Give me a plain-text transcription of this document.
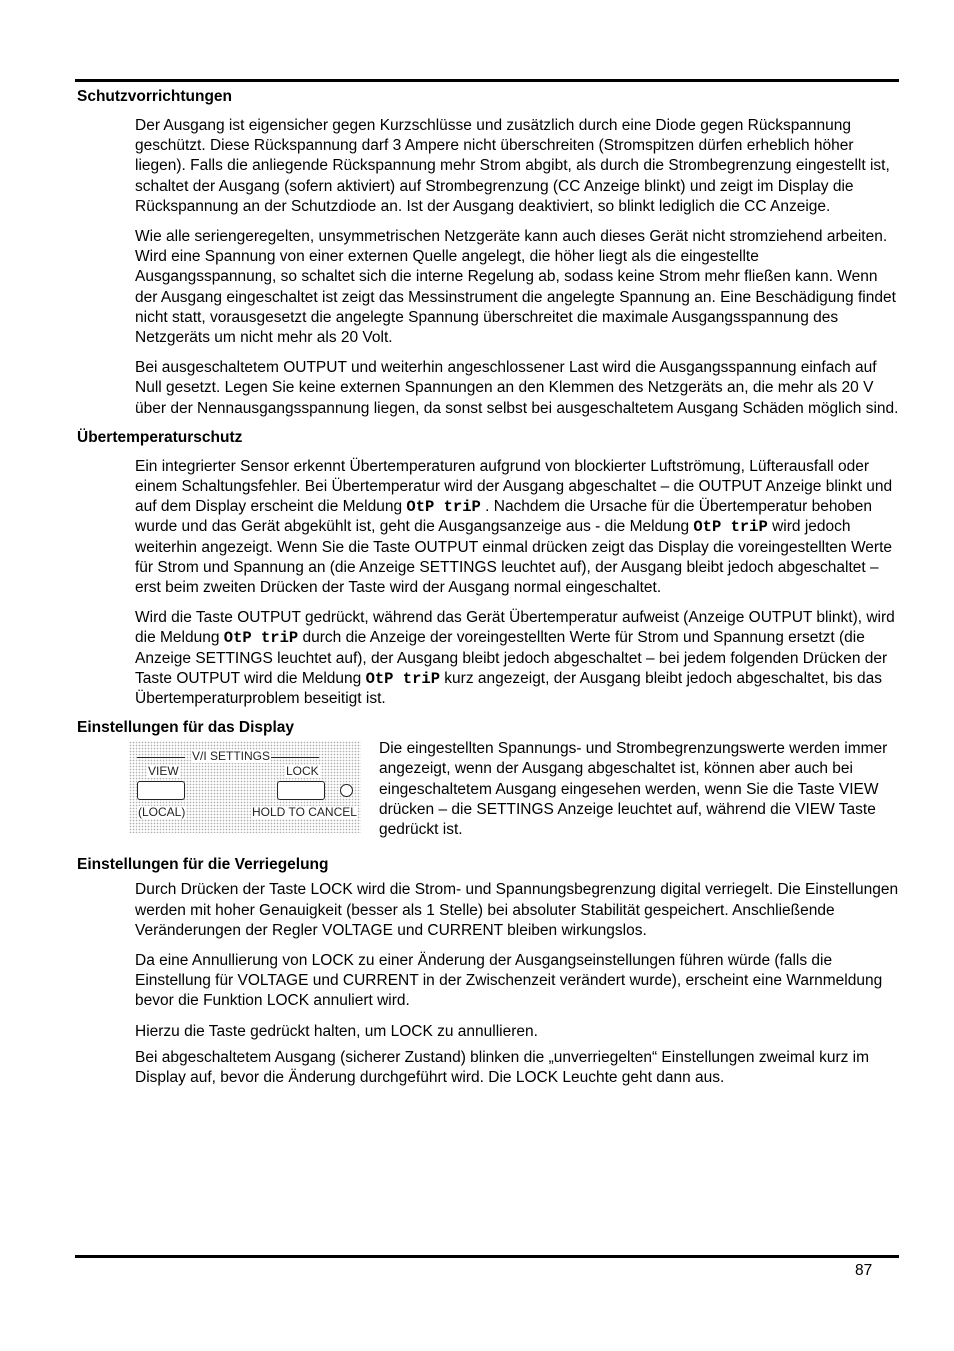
Schutzvorrichtungen

Der Ausgang ist eigensicher gegen Kurzschlüsse und zusätzlich durch eine Diode gegen Rückspannung geschützt. Diese Rückspannung darf 3 Ampere nicht überschreiten (Stromspitzen dürfen erheblich höher liegen). Falls die anliegende Rückspannung mehr Strom abgibt, als durch die Strombegrenzung eingestellt ist, schaltet der Ausgang (sofern aktiviert) auf Strombegrenzung (CC Anzeige blinkt) und zeigt im Display die Rückspannung an der Schutzdiode an. Ist der Ausgang deaktiviert, so blinkt lediglich die CC Anzeige.

Wie alle seriengeregelten, unsymmetrischen Netzgeräte kann auch dieses Gerät nicht stromziehend arbeiten. Wird eine Spannung von einer externen Quelle angelegt, die höher liegt als die eingestellte Ausgangsspannung, so schaltet sich die interne Regelung ab, sodass keine Strom mehr fließen kann. Wenn der Ausgang eingeschaltet ist zeigt das Messinstrument die angelegte Spannung an. Eine Beschädigung findet nicht statt, vorausgesetzt die angelegte Spannung überschreitet die maximale Ausgangsspannung des Netzgeräts um nicht mehr als 20 Volt.

Bei ausgeschaltetem OUTPUT und weiterhin angeschlossener Last wird die Ausgangsspannung einfach auf Null gesetzt. Legen Sie keine externen Spannungen an den Klemmen des Netzgeräts an, die mehr als 20 V über der Nennausgangsspannung liegen, da sonst selbst bei ausgeschaltetem Ausgang Schäden möglich sind.

Übertemperaturschutz

Ein integrierter Sensor erkennt Übertemperaturen aufgrund von blockierter Luftströmung, Lüfterausfall oder einem Schaltungsfehler. Bei Übertemperatur wird der Ausgang abgeschaltet – die OUTPUT Anzeige blinkt und auf dem Display erscheint die Meldung OtP triP . Nachdem die Ursache für die Übertemperatur behoben wurde und das Gerät abgekühlt ist, geht die Ausgangsanzeige aus - die Meldung OtP triP wird jedoch weiterhin angezeigt. Wenn Sie die Taste OUTPUT einmal drücken zeigt das Display die voreingestellten Werte für Strom und Spannung an (die Anzeige SETTINGS leuchtet auf), der Ausgang bleibt jedoch abgeschaltet – erst beim zweiten Drücken der Taste wird der Ausgang normal eingeschaltet.

Wird die Taste OUTPUT gedrückt, während das Gerät Übertemperatur aufweist (Anzeige OUTPUT blinkt), wird die Meldung OtP triP durch die Anzeige der voreingestellten Werte für Strom und Spannung ersetzt (die Anzeige SETTINGS leuchtet auf), der Ausgang bleibt jedoch abgeschaltet – bei jedem folgenden Drücken der Taste OUTPUT wird die Meldung OtP triP kurz angezeigt, der Ausgang bleibt jedoch abgeschaltet, bis das Übertemperaturproblem beseitigt ist.

Einstellungen für das Display
V/I SETTINGS
VIEW	LOCK
(LOCAL)	HOLD TO CANCEL

Die eingestellten Spannungs- und Strombegrenzungswerte werden immer angezeigt, wenn der Ausgang abgeschaltet ist, können aber auch bei eingeschaltetem Ausgang eingesehen werden, wenn Sie die Taste VIEW drücken – die SETTINGS Anzeige leuchtet auf, während die VIEW Taste gedrückt ist.

Einstellungen für die Verriegelung

Durch Drücken der Taste LOCK wird die Strom- und Spannungsbegrenzung digital verriegelt. Die Einstellungen werden mit hoher Genauigkeit (besser als 1 Stelle) bei absoluter Stabilität gespeichert. Anschließende Veränderungen der Regler VOLTAGE und CURRENT bleiben wirkungslos.

Da eine Annullierung von LOCK zu einer Änderung der Ausgangseinstellungen führen würde (falls die Einstellung für VOLTAGE und CURRENT in der Zwischenzeit verändert wurde), erscheint eine Warnmeldung bevor die Funktion LOCK annuliert wird.

Hierzu die Taste gedrückt halten, um LOCK zu annullieren.

Bei abgeschaltetem Ausgang (sicherer Zustand) blinken die „unverriegelten“ Einstellungen zweimal kurz im Display auf, bevor die Änderung durchgeführt wird. Die LOCK Leuchte geht dann aus.

87
